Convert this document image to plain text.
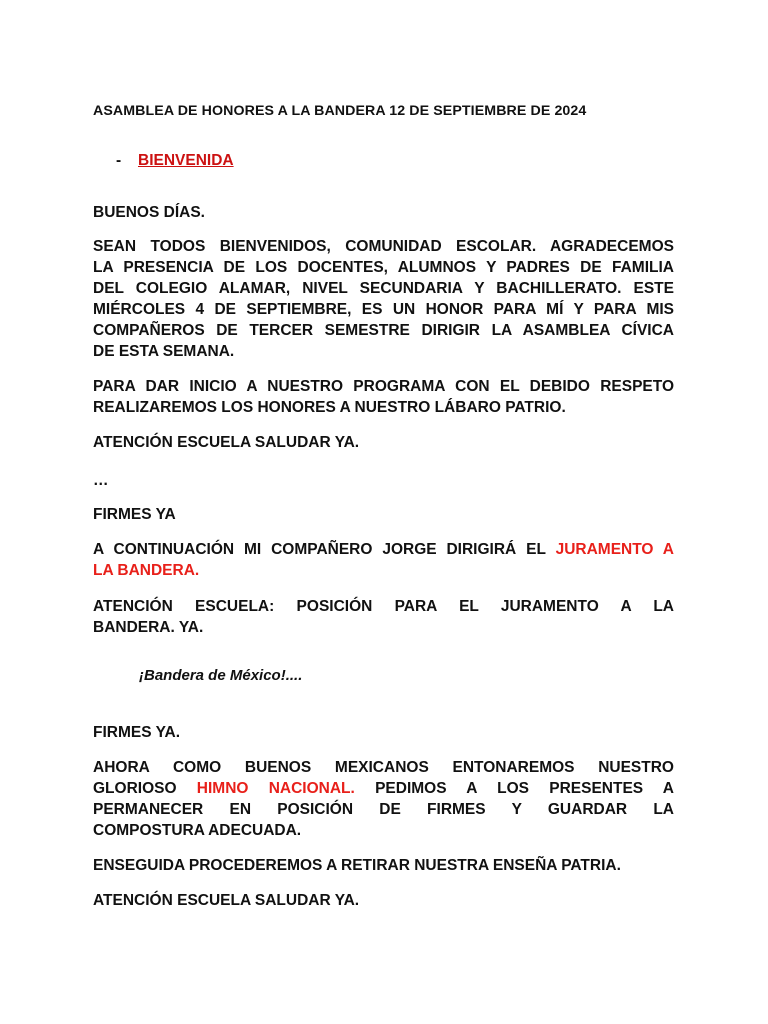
ASAMBLEA DE HONORES A LA BANDERA 12 DE SEPTIEMBRE DE 2024
- BIENVENIDA

BUENOS DÍAS.

SEAN TODOS BIENVENIDOS, COMUNIDAD ESCOLAR. AGRADECEMOS
LA PRESENCIA DE LOS DOCENTES, ALUMNOS Y PADRES DE FAMILIA
DEL COLEGIO ALAMAR, NIVEL SECUNDARIA Y BACHILLERATO. ESTE
MIÉRCOLES 4 DE SEPTIEMBRE, ES UN HONOR PARA MÍ Y PARA MIS
COMPAÑEROS DE TERCER SEMESTRE DIRIGIR LA ASAMBLEA CÍVICA
DE ESTA SEMANA.
PARA DAR INICIO A NUESTRO PROGRAMA CON EL DEBIDO RESPETO
REALIZAREMOS LOS HONORES A NUESTRO LÁBARO PATRIO.

ATENCIÓN ESCUELA SALUDAR YA.

…

FIRMES YA

A CONTINUACIÓN MI COMPAÑERO JORGE DIRIGIRÁ EL JURAMENTO A
LA BANDERA.
ATENCIÓN ESCUELA: POSICIÓN PARA EL JURAMENTO A LA
BANDERA. YA.
¡Bandera de México!....

FIRMES YA.

AHORA COMO BUENOS MEXICANOS ENTONAREMOS NUESTRO
GLORIOSO HIMNO NACIONAL. PEDIMOS A LOS PRESENTES A
PERMANECER EN POSICIÓN DE FIRMES Y GUARDAR LA
COMPOSTURA ADECUADA.

ENSEGUIDA PROCEDEREMOS A RETIRAR NUESTRA ENSEÑA PATRIA.

ATENCIÓN ESCUELA SALUDAR YA.
